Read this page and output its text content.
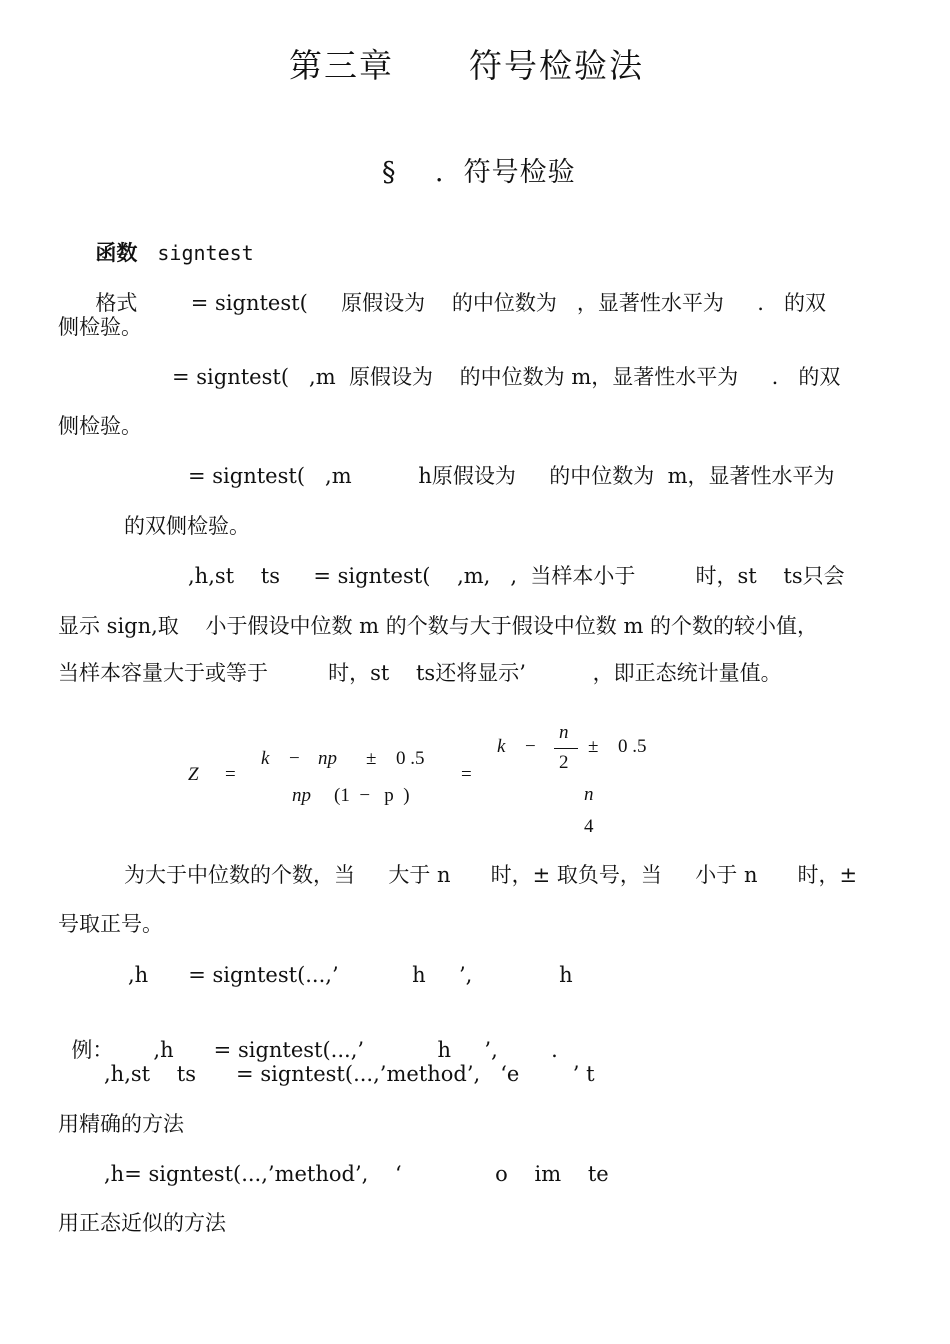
第三章      符号检验法
§    .  符号检验

函数 signtest

格式	= signtest(     原假设为    的中位数为   ，显著性水平为     .   的双

侧检验。
= signtest(   ,m  原假设为    的中位数为 m，显著性水平为     .   的双
侧检验。
= signtest(   ,m          h原假设为     的中位数为  m，显著性水平为
的双侧检验。
,h,st    ts     = signtest(    ,m,   ,  当样本小于         时，st    ts只会
显示 sign,取    小于假设中位数 m 的个数与大于假设中位数 m 的个数的较小值，
当样本容量大于或等于         时，st    ts还将显示’          ，即正态统计量值。
Z =
k − np ± 0 .5
np (1  −   p  )
=
k −
n
2
± 0 .5
n
4
为大于中位数的个数，当     大于 n      时，± 取负号，当     小于 n      时，±
号取正号。
,h      = signtest(...,’           h     ’,             h

例： ,h      = signtest(...,’           h     ’,        .

,h,st    ts      = signtest(...,’method’,   ‘e        ’ t
用精确的方法
,h= signtest(...,’method’,    ‘              o    im    te
用正态近似的方法
